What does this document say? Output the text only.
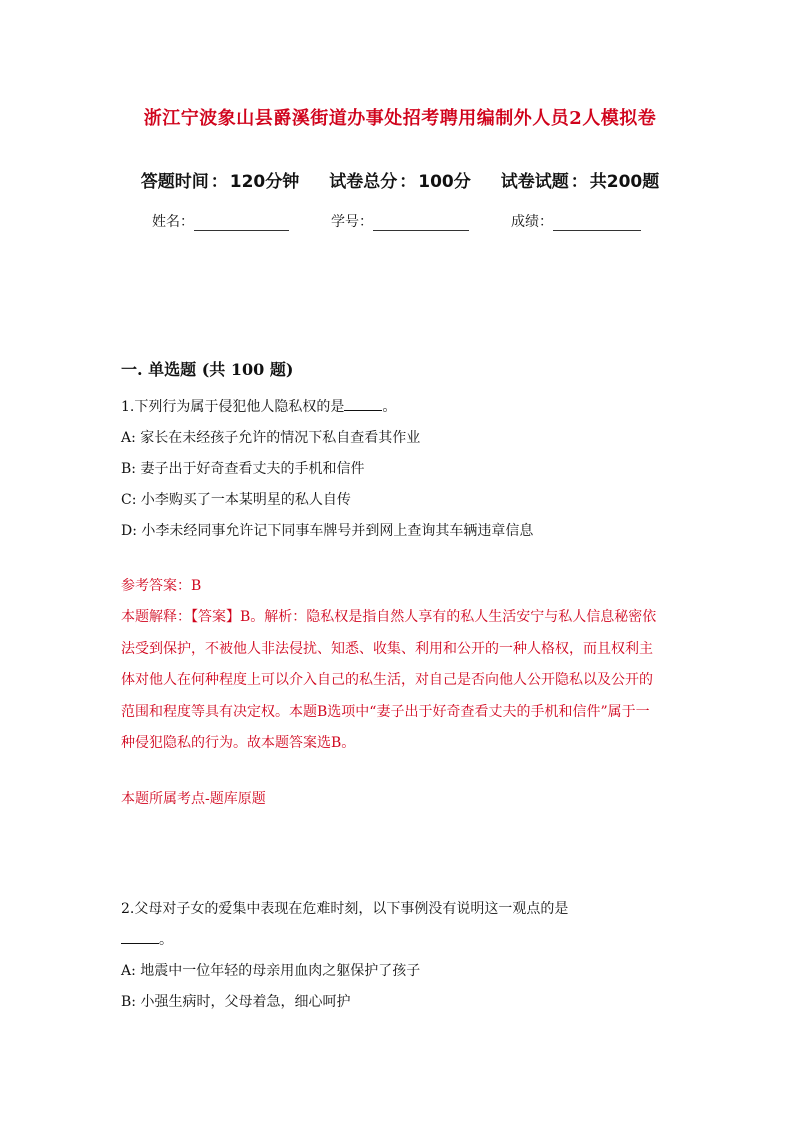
浙江宁波象山县爵溪街道办事处招考聘用编制外人员2人模拟卷
答题时间 ： 120分钟 试卷总分 ： 100分 试卷试题 ： 共200题
姓名：	学号：	成绩：
一. 单选题 (共 100 题)
1.下列行为属于侵犯他人隐私权的是	。
A: 家长在未经孩子允许的情况下私自查看其作业
B: 妻子出于好奇查看丈夫的手机和信件
C: 小李购买了一本某明星的私人自传
D: 小李未经同事允许记下同事车牌号并到网上查询其车辆违章信息
参考答案：B
本题解释：【答案】B。解析：隐私权是指自然人享有的私人生活安宁与私人信息秘密依法受到保护，不被他人非法侵扰、知悉、收集、利用和公开的一种人格权，而且权利主体对他人在何种程度上可以介入自己的私生活，对自己是否向他人公开隐私以及公开的范围和程度等具有决定权。本题B选项中“妻子出于好奇查看丈夫的手机和信件”属于一种侵犯隐私的行为。故本题答案选B。
本题所属考点-题库原题
2.父母对子女的爱集中表现在危难时刻，以下事例没有说明这一观点的是
。
A: 地震中一位年轻的母亲用血肉之躯保护了孩子
B: 小强生病时，父母着急，细心呵护
